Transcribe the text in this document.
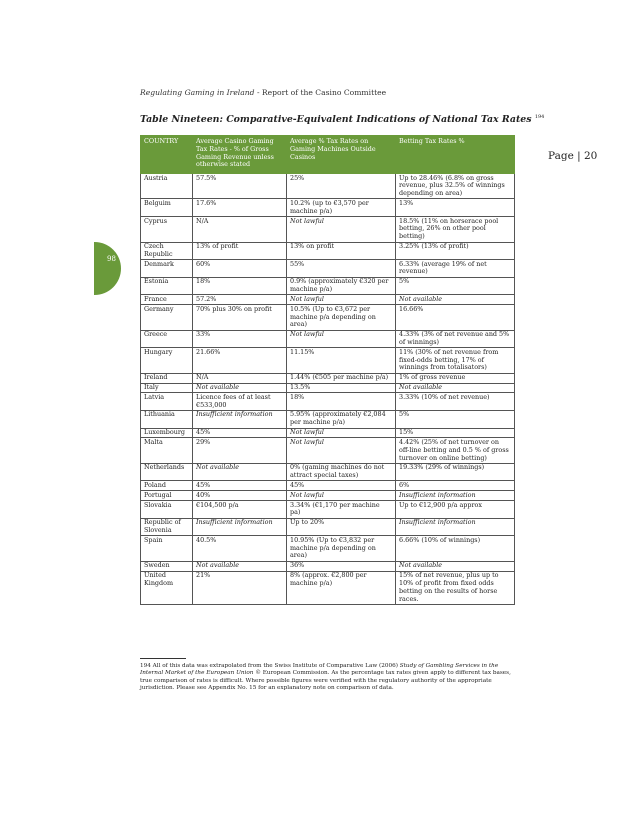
Regulating Gaming in Ireland - Report of the Casino Committee
Page | 20
98
Table Nineteen: Comparative-Equivalent Indications of National Tax Rates $^{194}$
COUNTRY	Average Casino Gaming Tax Rates - % of Gross Gaming Revenue unless otherwise stated	Average % Tax Rates on Gaming Machines Outside Casinos	Betting Tax Rates %
Austria	57.5%	25%	Up to 28.46% (6.8% on gross revenue, plus 32.5% of winnings depending on area)
Belguim	17.6%	10.2% (up to €3,570 per machine p/a)	13%
Cyprus	N/A	Not lawful	18.5% (11% on horserace pool betting, 26% on other pool betting)
Czech Republic	13% of profit	13% on profit	3.25% (13% of profit)
Denmark	60%	55%	6.33% (average 19% of net revenue)
Estonia	18%	0.9% (approximately €320 per machine p/a)	5%
France	57.2%	Not lawful	Not available
Germany	70% plus 30% on profit	10.5% (Up to €3,672 per machine p/a depending on area)	16.66%
Greece	33%	Not lawful	4.33% (3% of net revenue and 5% of winnings)
Hungary	21.66%	11.15%	11% (30% of net revenue from fixed-odds betting, 17% of winnings from totalisators)
Ireland	N/A	1.44% (€505 per machine p/a)	1% of gross revenue
Italy	Not available	13.5%	Not available
Latvia	Licence fees of at least €533,000	18%	3.33% (10% of net revenue)
Lithuania	Insufficient information	5.95% (approximately €2,084 per machine p/a)	5%
Luxembourg	45%	Not lawful	15%
Malta	29%	Not lawful	4.42% (25% of net turnover on off-line betting and 0.5 % of gross turnover on online betting)
Netherlands	Not available	0% (gaming machines do not attract special taxes)	19.33% (29% of winnings)
Poland	45%	45%	6%
Portugal	40%	Not lawful	Insufficient information
Slovakia	€104,500 p/a	3.34% (€1,170 per machine pa)	Up to €12,900 p/a approx
Republic of Slovenia	Insufficient information	Up to 20%	Insufficient information
Spain	40.5%	10.95% (Up to €3,832 per machine p/a depending on area)	6.66% (10% of winnings)
Sweden	Not available	36%	Not available
United Kingdom	21%	8% (approx. €2,800 per machine p/a)	15% of net revenue, plus up to 10% of profit from fixed odds betting on the results of horse races.
194 All of this data was extrapolated from the Swiss Institute of Comparative Law (2006) Study of Gambling Services in the Internal Market of the European Union © European Commission. As the percentage tax rates given apply to different tax bases, true comparison of rates is difficult. Where possible figures were verified with the regulatory authority of the appropriate jurisdiction. Please see Appendix No. 15 for an explanatory note on comparison of data.
